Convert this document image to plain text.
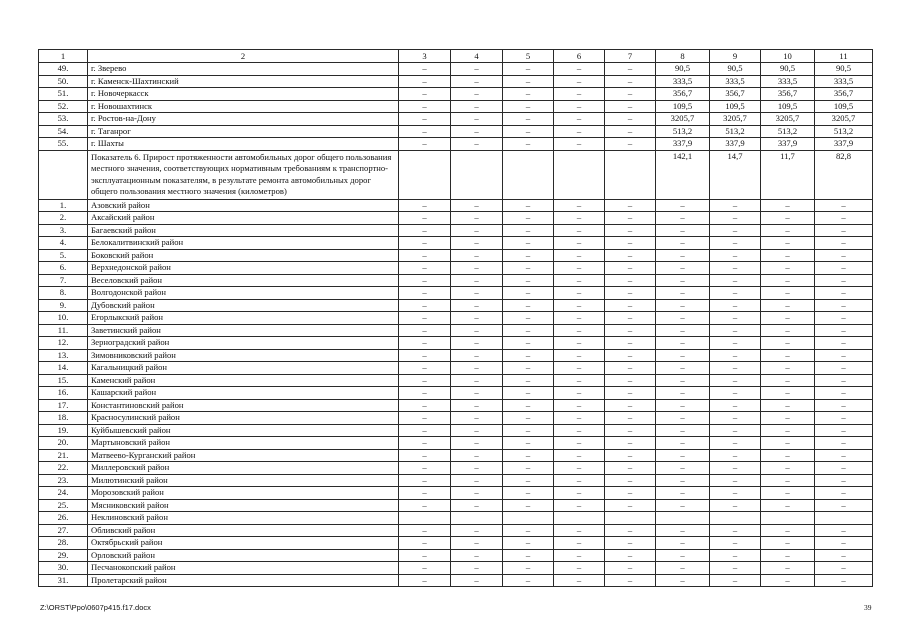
1	2	3	4	5	6	7	8	9	10	11
49.	г. Зверево	–	–	–	–	–	90,5	90,5	90,5	90,5
50.	г. Каменск-Шахтинский	–	–	–	–	–	333,5	333,5	333,5	333,5
51.	г. Новочеркасск	–	–	–	–	–	356,7	356,7	356,7	356,7
52.	г. Новошахтинск	–	–	–	–	–	109,5	109,5	109,5	109,5
53.	г. Ростов-на-Дону	–	–	–	–	–	3205,7	3205,7	3205,7	3205,7
54.	г. Таганрог	–	–	–	–	–	513,2	513,2	513,2	513,2
55.	г. Шахты	–	–	–	–	–	337,9	337,9	337,9	337,9
	Показатель 6. Прирост протяженности автомобильных дорог общего пользования местного значения, соответствующих нормативным требованиям к транспортно-эксплуатационным показателям, в результате ремонта автомобильных дорог общего пользования местного значения (километров)						142,1	14,7	11,7	82,8
1.	Азовский район	–	–	–	–	–	–	–	–	–
2.	Аксайский район	–	–	–	–	–	–	–	–	–
3.	Багаевский район	–	–	–	–	–	–	–	–	–
4.	Белокалитвинский район	–	–	–	–	–	–	–	–	–
5.	Боковский район	–	–	–	–	–	–	–	–	–
6.	Верхнедонской район	–	–	–	–	–	–	–	–	–
7.	Веселовский район	–	–	–	–	–	–	–	–	–
8.	Волгодонской район	–	–	–	–	–	–	–	–	–
9.	Дубовский район	–	–	–	–	–	–	–	–	–
10.	Егорлыкский район	–	–	–	–	–	–	–	–	–
11.	Заветинский район	–	–	–	–	–	–	–	–	–
12.	Зерноградский район	–	–	–	–	–	–	–	–	–
13.	Зимовниковский район	–	–	–	–	–	–	–	–	–
14.	Кагальницкий район	–	–	–	–	–	–	–	–	–
15.	Каменский район	–	–	–	–	–	–	–	–	–
16.	Кашарский район	–	–	–	–	–	–	–	–	–
17.	Константиновский район	–	–	–	–	–	–	–	–	–
18.	Красносулинский район	–	–	–	–	–	–	–	–	–
19.	Куйбышевский район	–	–	–	–	–	–	–	–	–
20.	Мартыновский район	–	–	–	–	–	–	–	–	–
21.	Матвеево-Курганский район	–	–	–	–	–	–	–	–	–
22.	Миллеровский район	–	–	–	–	–	–	–	–	–
23.	Милютинский район	–	–	–	–	–	–	–	–	–
24.	Морозовский район	–	–	–	–	–	–	–	–	–
25.	Мясниковский район	–	–	–	–	–	–	–	–	–
26.	Неклиновский район									
27.	Обливский район	–	–	–	–	–	–	–	–	–
28.	Октябрьский район	–	–	–	–	–	–	–	–	–
29.	Орловский район	–	–	–	–	–	–	–	–	–
30.	Песчанокопский район	–	–	–	–	–	–	–	–	–
31.	Пролетарский район	–	–	–	–	–	–	–	–	–
Z:\ORST\Ppo\0607p415.f17.docx	39
